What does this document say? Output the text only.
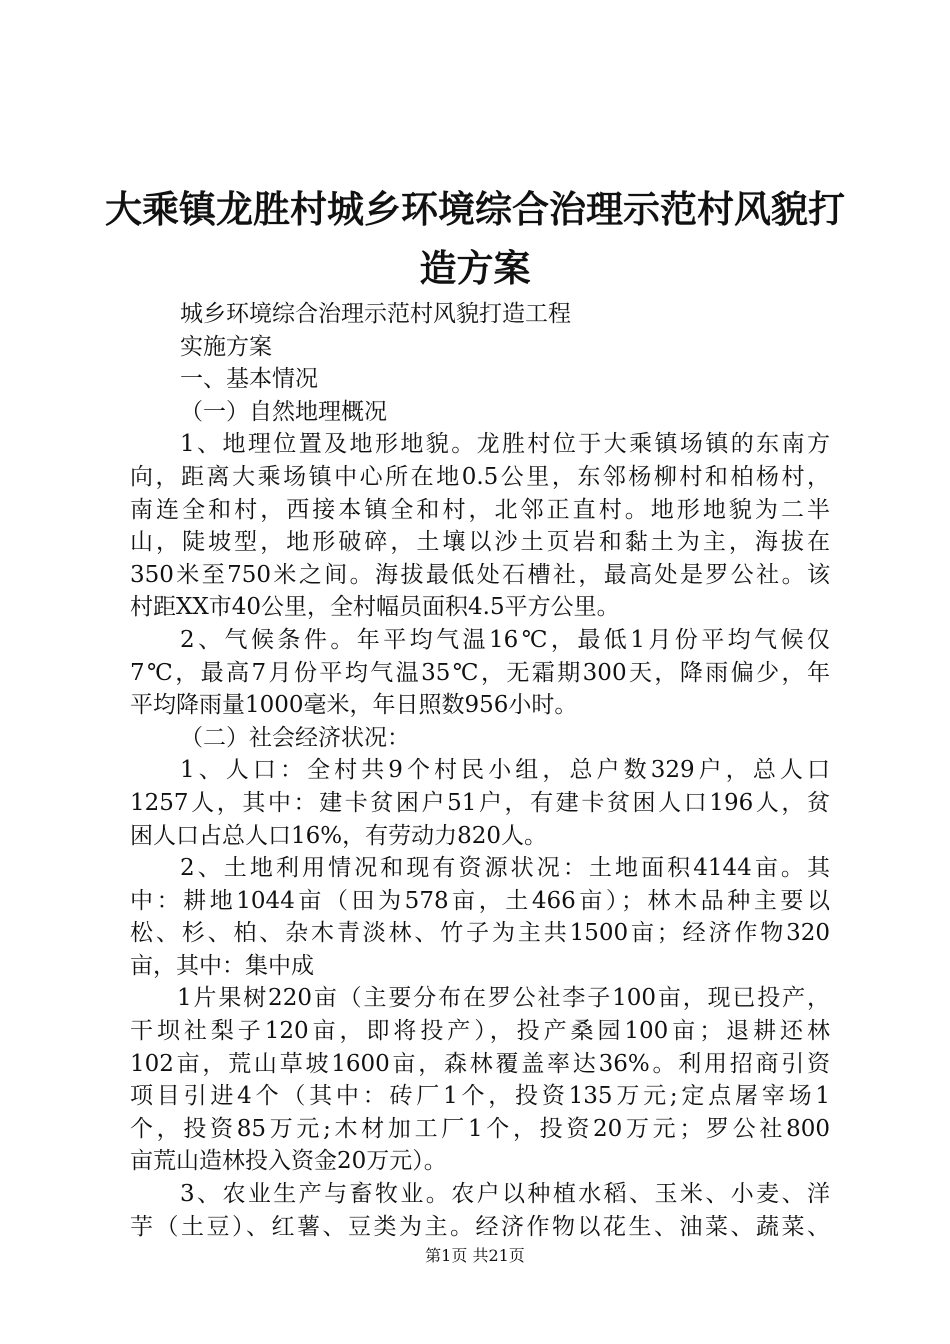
大乘镇龙胜村城乡环境综合治理示范村风貌打
造方案
城乡环境综合治理示范村风貌打造工程
实施方案
一、基本情况
（一）自然地理概况
1、地理位置及地形地貌。龙胜村位于大乘镇场镇的东南方
向，距离大乘场镇中心所在地0.5公里，东邻杨柳村和柏杨村，
南连全和村，西接本镇全和村，北邻正直村。地形地貌为二半
山，陡坡型，地形破碎，土壤以沙土页岩和黏土为主，海拔在
350米至750米之间。海拔最低处石槽社，最高处是罗公社。该
村距XX市40公里，全村幅员面积4.5平方公里。
2、气候条件。年平均气温16℃，最低1月份平均气候仅
7℃，最高7月份平均气温35℃，无霜期300天，降雨偏少，年
平均降雨量1000毫米，年日照数956小时。
（二）社会经济状况：
1、人口：全村共9个村民小组，总户数329户，总人口
1257人，其中：建卡贫困户51户，有建卡贫困人口196人，贫
困人口占总人口16%，有劳动力820人。
2、土地利用情况和现有资源状况：土地面积4144亩。其
中：耕地1044亩（田为578亩，土466亩）；林木品种主要以
松、杉、柏、杂木青淡林、竹子为主共1500亩；经济作物320
亩，其中：集中成
1片果树220亩（主要分布在罗公社李子100亩，现已投产，
干坝社梨子120亩，即将投产），投产桑园100亩；退耕还林
102亩，荒山草坡1600亩，森林覆盖率达36%。利用招商引资
项目引进4个（其中：砖厂1个，投资135万元;定点屠宰场1
个，投资85万元;木材加工厂1个，投资20万元；罗公社800
亩荒山造林投入资金20万元）。
3、农业生产与畜牧业。农户以种植水稻、玉米、小麦、洋
芋（土豆）、红薯、豆类为主。经济作物以花生、油菜、蔬菜、
第1页 共21页
